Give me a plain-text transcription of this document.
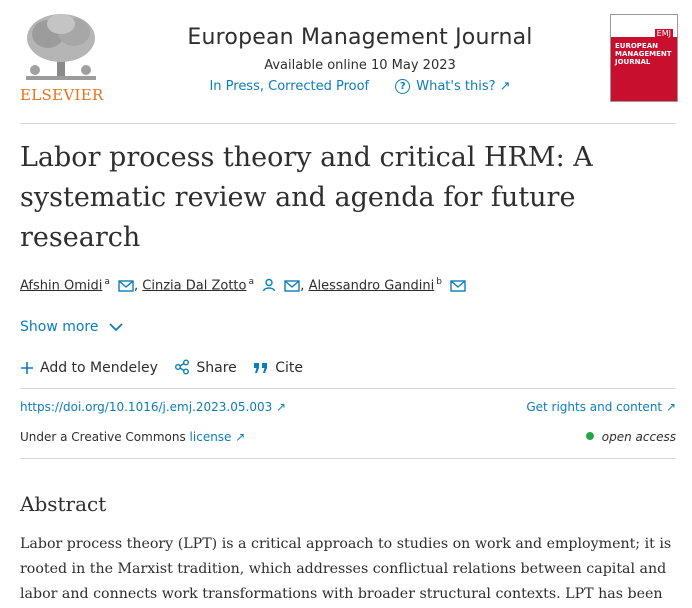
ELSEVIER
European Management Journal
Available online 10 May 2023
In Press, Corrected Proof	? What's this? ↗
EMJ
EUROPEAN MANAGEMENT JOURNAL
Labor process theory and critical HRM: A systematic review and agenda for future research
Afshin Omidi $^a$ , Cinzia Dal Zotto $^a$	, Alessandro Gandini $^b$
Show more
Add to Mendeley	Share	Cite
https://doi.org/10.1016/j.emj.2023.05.003 ↗	Get rights and content ↗
Under a Creative Commons license ↗	open access
Abstract
Labor process theory (LPT) is a critical approach to studies on work and employment; it is rooted in the Marxist tradition, which addresses conflictual relations between capital and labor and connects work transformations with broader structural contexts. LPT has been
